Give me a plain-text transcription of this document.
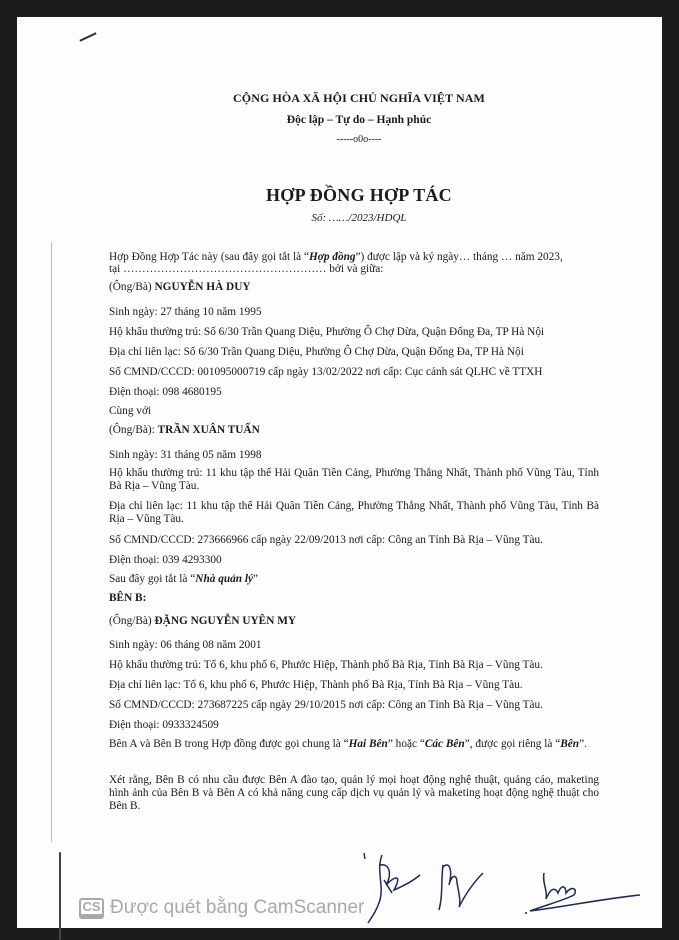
CỘNG HÒA XÃ HỘI CHỦ NGHĨA VIỆT NAM
Độc lập – Tự do – Hạnh phúc
-----o0o----
HỢP ĐỒNG HỢP TÁC
Số: ……/2023/HDQL
Hợp Đồng Hợp Tác này (sau đây gọi tắt là “Hợp đồng”) được lập và ký ngày… tháng … năm 2023,
tại ……………………………………………… bởi và giữa:
(Ông/Bà) NGUYỄN HÀ DUY
Sinh ngày: 27 tháng 10 năm 1995
Hộ khẩu thường trú: Số 6/30 Trần Quang Diệu, Phường Ô Chợ Dừa, Quận Đống Đa, TP Hà Nội
Địa chỉ liên lạc: Số 6/30 Trần Quang Diệu, Phường Ô Chợ Dừa, Quận Đống Đa, TP Hà Nội
Số CMND/CCCD: 001095000719 cấp ngày 13/02/2022 nơi cấp: Cục cảnh sát QLHC về TTXH
Điện thoại: 098 4680195
Cùng với
(Ông/Bà): TRẦN XUÂN TUẤN
Sinh ngày: 31 tháng 05 năm 1998
Hộ khẩu thường trú: 11 khu tập thể Hải Quân Tiền Cảng, Phường Thắng Nhất, Thành phố Vũng Tàu, Tỉnh Bà Rịa – Vũng Tàu.
Địa chỉ liên lạc: 11 khu tập thể Hải Quân Tiền Cảng, Phường Thắng Nhất, Thành phố Vũng Tàu, Tỉnh Bà Rịa – Vũng Tàu.
Số CMND/CCCD: 273666966 cấp ngày 22/09/2013 nơi cấp: Công an Tỉnh Bà Rịa – Vũng Tàu.
Điện thoại: 039 4293300
Sau đây gọi tắt là “Nhà quản lý”
BÊN B:
(Ông/Bà) ĐẶNG NGUYỄN UYÊN MY
Sinh ngày: 06 tháng 08 năm 2001
Hộ khẩu thường trú: Tổ 6, khu phố 6, Phước Hiệp, Thành phố Bà Rịa, Tỉnh Bà Rịa – Vũng Tàu.
Địa chỉ liên lạc: Tổ 6, khu phố 6, Phước Hiệp, Thành phố Bà Rịa, Tỉnh Bà Rịa – Vũng Tàu.
Số CMND/CCCD: 273687225 cấp ngày 29/10/2015 nơi cấp: Công an Tỉnh Bà Rịa – Vũng Tàu.
Điện thoại: 0933324509
Bên A và Bên B trong Hợp đồng được gọi chung là “Hai Bên” hoặc “Các Bên”, được gọi riêng là “Bên”.
Xét rằng, Bên B có nhu cầu được Bên A đào tạo, quản lý mọi hoạt động nghệ thuật, quảng cáo, maketing hình ảnh của Bên B và Bên A có khả năng cung cấp dịch vụ quản lý và maketing hoạt động nghệ thuật cho Bên B.
CS Được quét bằng CamScanner
